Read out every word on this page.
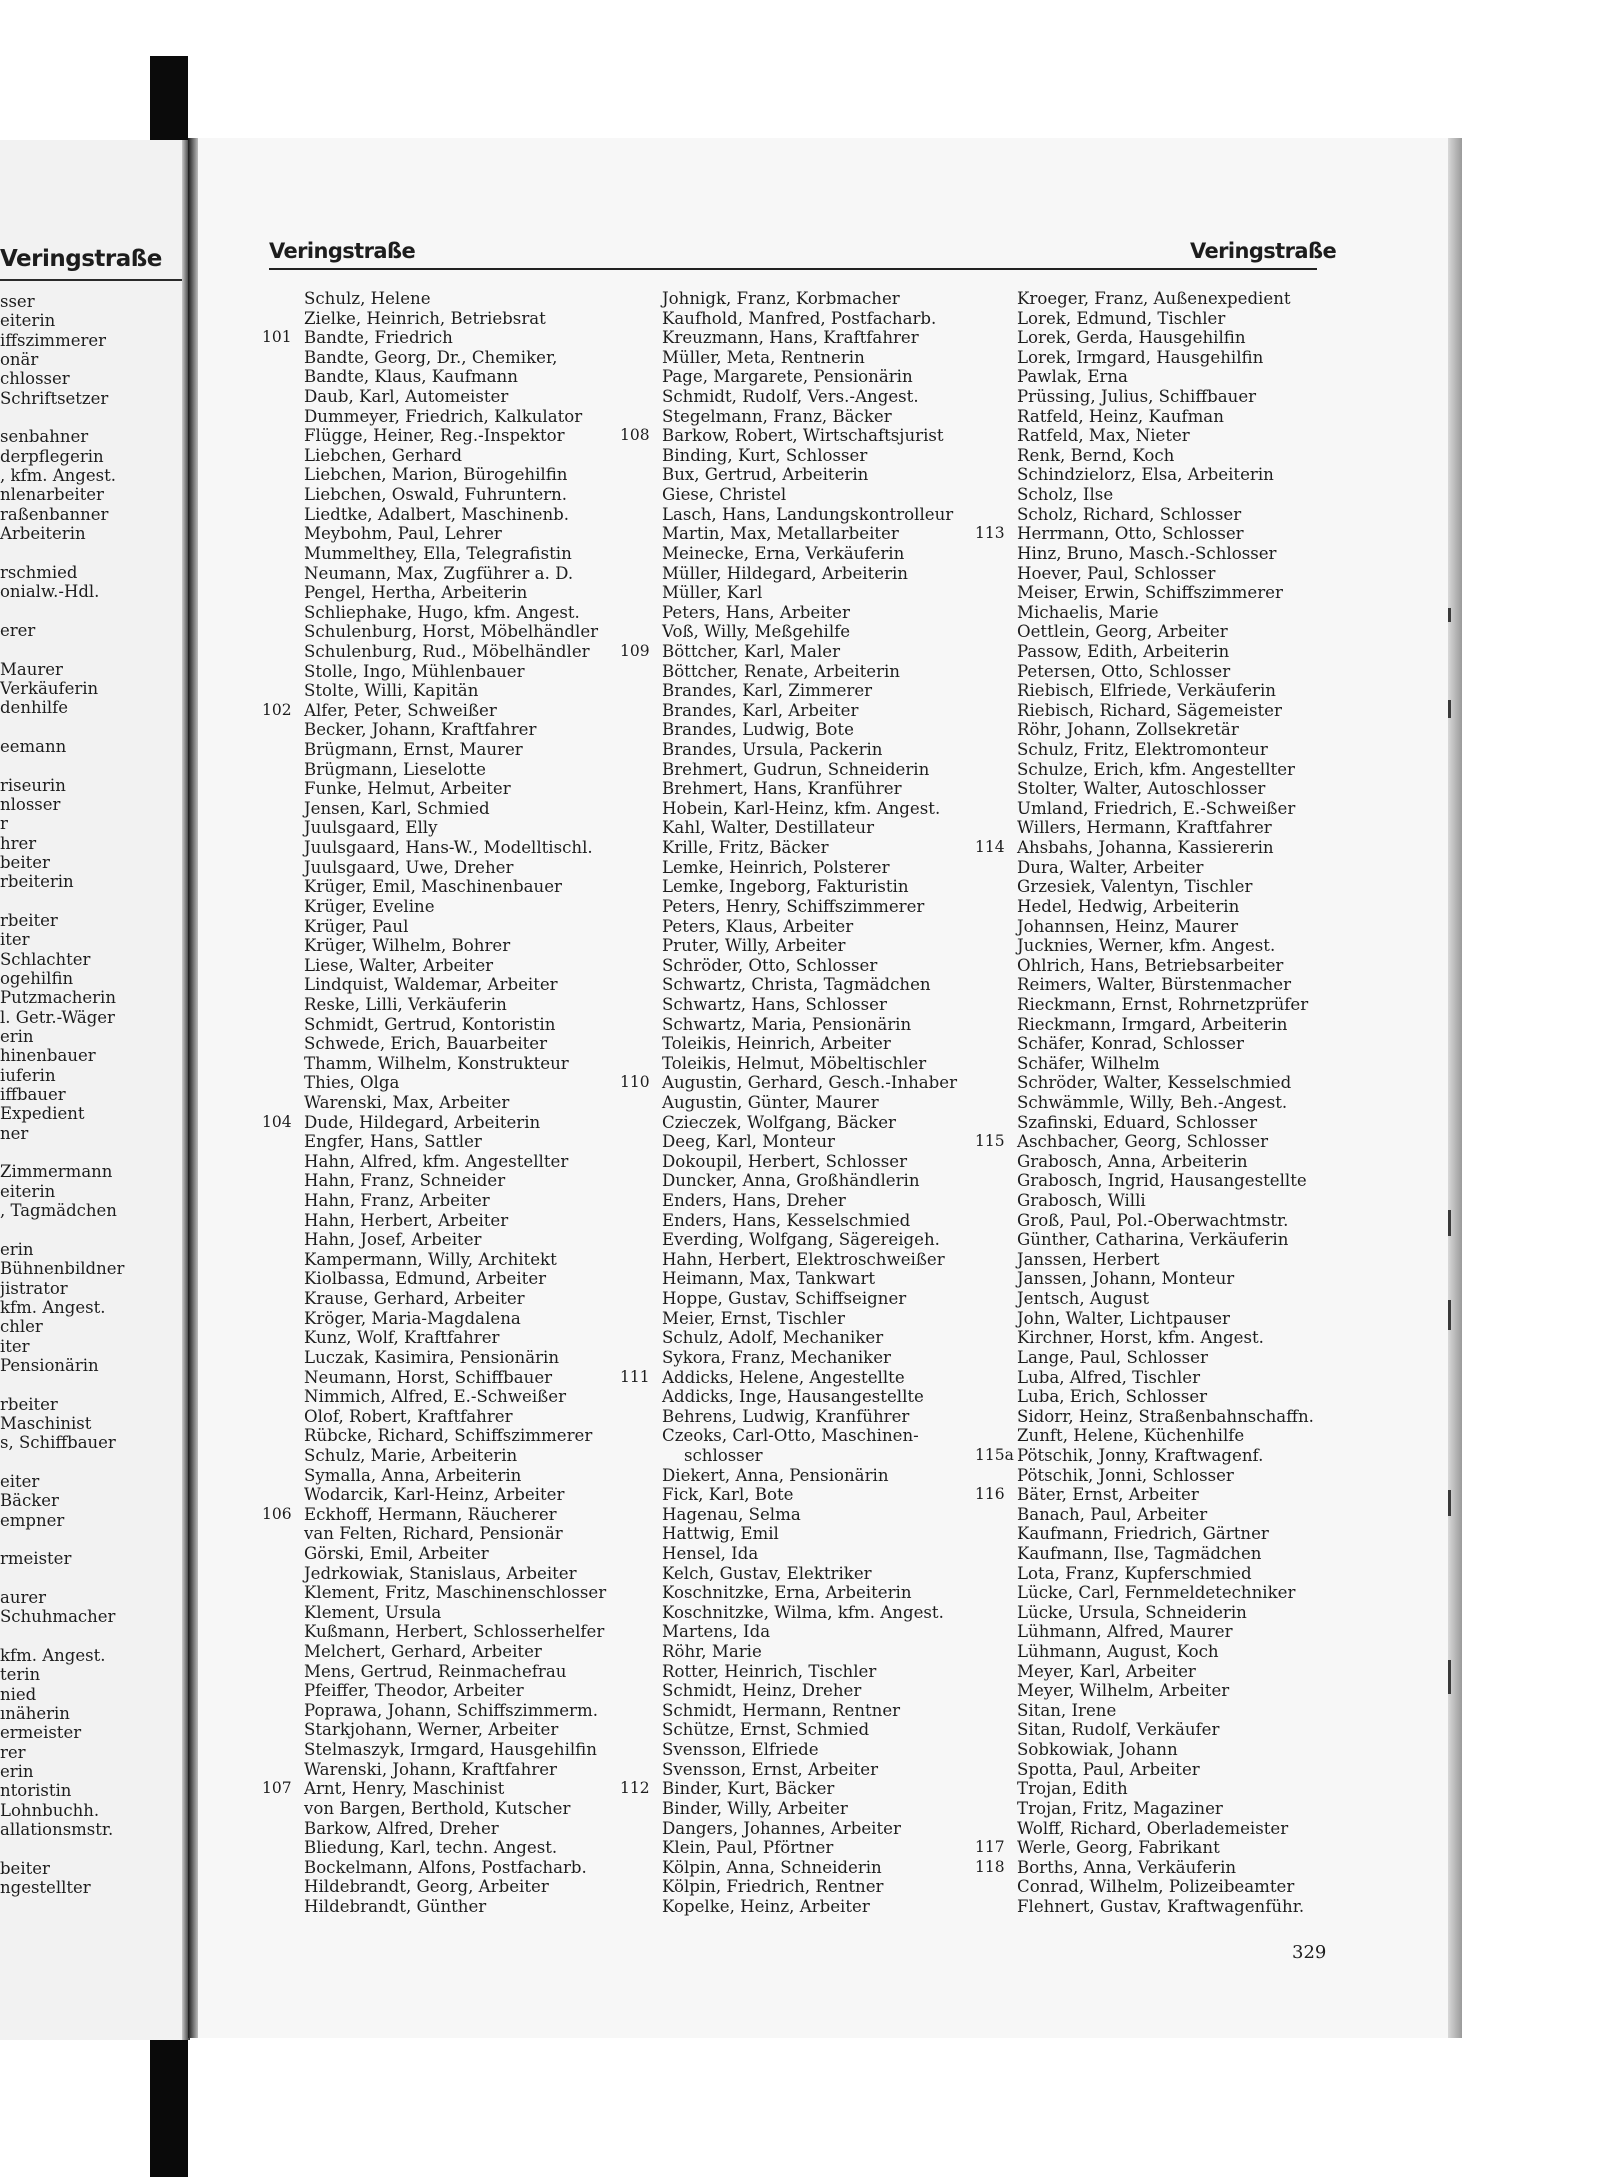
Veringstraße
sser
eiterin
iffszimmerer
onär
chlosser
Schriftsetzer
senbahner
derpflegerin
, kfm. Angest.
nlenarbeiter
raßenbanner
Arbeiterin
rschmied
onialw.-Hdl.
erer
Maurer
Verkäuferin
denhilfe
eemann
riseurin
nlosser
r
hrer
beiter
rbeiterin
rbeiter
iter
Schlachter
ogehilfin
Putzmacherin
l. Getr.-Wäger
erin
hinenbauer
iuferin
iffbauer
Expedient
ner
Zimmermann
eiterin
, Tagmädchen
erin
Bühnenbildner
jistrator
kfm. Angest.
chler
iter
Pensionärin
rbeiter
Maschinist
s, Schiffbauer
eiter
Bäcker
empner
rmeister
aurer
Schuhmacher
kfm. Angest.
terin
nied
ınäherin
ermeister
rer
erin
ntoristin
Lohnbuchh.
allationsmstr.
beiter
ngestellter
Veringstraße	Veringstraße
Schulz, Helene
Zielke, Heinrich, Betriebsrat
101 Bandte, Friedrich
Bandte, Georg, Dr., Chemiker,
Bandte, Klaus, Kaufmann
Daub, Karl, Automeister
Dummeyer, Friedrich, Kalkulator
Flügge, Heiner, Reg.-Inspektor
Liebchen, Gerhard
Liebchen, Marion, Bürogehilfin
Liebchen, Oswald, Fuhruntern.
Liedtke, Adalbert, Maschinenb.
Meybohm, Paul, Lehrer
Mummelthey, Ella, Telegrafistin
Neumann, Max, Zugführer a. D.
Pengel, Hertha, Arbeiterin
Schliephake, Hugo, kfm. Angest.
Schulenburg, Horst, Möbelhändler
Schulenburg, Rud., Möbelhändler
Stolle, Ingo, Mühlenbauer
Stolte, Willi, Kapitän
102 Alfer, Peter, Schweißer
Becker, Johann, Kraftfahrer
Brügmann, Ernst, Maurer
Brügmann, Lieselotte
Funke, Helmut, Arbeiter
Jensen, Karl, Schmied
Juulsgaard, Elly
Juulsgaard, Hans-W., Modelltischl.
Juulsgaard, Uwe, Dreher
Krüger, Emil, Maschinenbauer
Krüger, Eveline
Krüger, Paul
Krüger, Wilhelm, Bohrer
Liese, Walter, Arbeiter
Lindquist, Waldemar, Arbeiter
Reske, Lilli, Verkäuferin
Schmidt, Gertrud, Kontoristin
Schwede, Erich, Bauarbeiter
Thamm, Wilhelm, Konstrukteur
Thies, Olga
Warenski, Max, Arbeiter
104 Dude, Hildegard, Arbeiterin
Engfer, Hans, Sattler
Hahn, Alfred, kfm. Angestellter
Hahn, Franz, Schneider
Hahn, Franz, Arbeiter
Hahn, Herbert, Arbeiter
Hahn, Josef, Arbeiter
Kampermann, Willy, Architekt
Kiolbassa, Edmund, Arbeiter
Krause, Gerhard, Arbeiter
Kröger, Maria-Magdalena
Kunz, Wolf, Kraftfahrer
Luczak, Kasimira, Pensionärin
Neumann, Horst, Schiffbauer
Nimmich, Alfred, E.-Schweißer
Olof, Robert, Kraftfahrer
Rübcke, Richard, Schiffszimmerer
Schulz, Marie, Arbeiterin
Symalla, Anna, Arbeiterin
Wodarcik, Karl-Heinz, Arbeiter
106 Eckhoff, Hermann, Räucherer
van Felten, Richard, Pensionär
Görski, Emil, Arbeiter
Jedrkowiak, Stanislaus, Arbeiter
Klement, Fritz, Maschinenschlosser
Klement, Ursula
Kußmann, Herbert, Schlosserhelfer
Melchert, Gerhard, Arbeiter
Mens, Gertrud, Reinmachefrau
Pfeiffer, Theodor, Arbeiter
Poprawa, Johann, Schiffszimmerm.
Starkjohann, Werner, Arbeiter
Stelmaszyk, Irmgard, Hausgehilfin
Warenski, Johann, Kraftfahrer
107 Arnt, Henry, Maschinist
von Bargen, Berthold, Kutscher
Barkow, Alfred, Dreher
Bliedung, Karl, techn. Angest.
Bockelmann, Alfons, Postfacharb.
Hildebrandt, Georg, Arbeiter
Hildebrandt, Günther
Johnigk, Franz, Korbmacher
Kaufhold, Manfred, Postfacharb.
Kreuzmann, Hans, Kraftfahrer
Müller, Meta, Rentnerin
Page, Margarete, Pensionärin
Schmidt, Rudolf, Vers.-Angest.
Stegelmann, Franz, Bäcker
108 Barkow, Robert, Wirtschaftsjurist
Binding, Kurt, Schlosser
Bux, Gertrud, Arbeiterin
Giese, Christel
Lasch, Hans, Landungskontrolleur
Martin, Max, Metallarbeiter
Meinecke, Erna, Verkäuferin
Müller, Hildegard, Arbeiterin
Müller, Karl
Peters, Hans, Arbeiter
Voß, Willy, Meßgehilfe
109 Böttcher, Karl, Maler
Böttcher, Renate, Arbeiterin
Brandes, Karl, Zimmerer
Brandes, Karl, Arbeiter
Brandes, Ludwig, Bote
Brandes, Ursula, Packerin
Brehmert, Gudrun, Schneiderin
Brehmert, Hans, Kranführer
Hobein, Karl-Heinz, kfm. Angest.
Kahl, Walter, Destillateur
Krille, Fritz, Bäcker
Lemke, Heinrich, Polsterer
Lemke, Ingeborg, Fakturistin
Peters, Henry, Schiffszimmerer
Peters, Klaus, Arbeiter
Pruter, Willy, Arbeiter
Schröder, Otto, Schlosser
Schwartz, Christa, Tagmädchen
Schwartz, Hans, Schlosser
Schwartz, Maria, Pensionärin
Toleikis, Heinrich, Arbeiter
Toleikis, Helmut, Möbeltischler
110 Augustin, Gerhard, Gesch.-Inhaber
Augustin, Günter, Maurer
Czieczek, Wolfgang, Bäcker
Deeg, Karl, Monteur
Dokoupil, Herbert, Schlosser
Duncker, Anna, Großhändlerin
Enders, Hans, Dreher
Enders, Hans, Kesselschmied
Everding, Wolfgang, Sägereigeh.
Hahn, Herbert, Elektroschweißer
Heimann, Max, Tankwart
Hoppe, Gustav, Schiffseigner
Meier, Ernst, Tischler
Schulz, Adolf, Mechaniker
Sykora, Franz, Mechaniker
111 Addicks, Helene, Angestellte
Addicks, Inge, Hausangestellte
Behrens, Ludwig, Kranführer
Czeoks, Carl-Otto, Maschinen-
schlosser
Diekert, Anna, Pensionärin
Fick, Karl, Bote
Hagenau, Selma
Hattwig, Emil
Hensel, Ida
Kelch, Gustav, Elektriker
Koschnitzke, Erna, Arbeiterin
Koschnitzke, Wilma, kfm. Angest.
Martens, Ida
Röhr, Marie
Rotter, Heinrich, Tischler
Schmidt, Heinz, Dreher
Schmidt, Hermann, Rentner
Schütze, Ernst, Schmied
Svensson, Elfriede
Svensson, Ernst, Arbeiter
112 Binder, Kurt, Bäcker
Binder, Willy, Arbeiter
Dangers, Johannes, Arbeiter
Klein, Paul, Pförtner
Kölpin, Anna, Schneiderin
Kölpin, Friedrich, Rentner
Kopelke, Heinz, Arbeiter
Kroeger, Franz, Außenexpedient
Lorek, Edmund, Tischler
Lorek, Gerda, Hausgehilfin
Lorek, Irmgard, Hausgehilfin
Pawlak, Erna
Prüssing, Julius, Schiffbauer
Ratfeld, Heinz, Kaufman
Ratfeld, Max, Nieter
Renk, Bernd, Koch
Schindzielorz, Elsa, Arbeiterin
Scholz, Ilse
Scholz, Richard, Schlosser
113 Herrmann, Otto, Schlosser
Hinz, Bruno, Masch.-Schlosser
Hoever, Paul, Schlosser
Meiser, Erwin, Schiffszimmerer
Michaelis, Marie
Oettlein, Georg, Arbeiter
Passow, Edith, Arbeiterin
Petersen, Otto, Schlosser
Riebisch, Elfriede, Verkäuferin
Riebisch, Richard, Sägemeister
Röhr, Johann, Zollsekretär
Schulz, Fritz, Elektromonteur
Schulze, Erich, kfm. Angestellter
Stolter, Walter, Autoschlosser
Umland, Friedrich, E.-Schweißer
Willers, Hermann, Kraftfahrer
114 Ahsbahs, Johanna, Kassiererin
Dura, Walter, Arbeiter
Grzesiek, Valentyn, Tischler
Hedel, Hedwig, Arbeiterin
Johannsen, Heinz, Maurer
Jucknies, Werner, kfm. Angest.
Ohlrich, Hans, Betriebsarbeiter
Reimers, Walter, Bürstenmacher
Rieckmann, Ernst, Rohrnetzprüfer
Rieckmann, Irmgard, Arbeiterin
Schäfer, Konrad, Schlosser
Schäfer, Wilhelm
Schröder, Walter, Kesselschmied
Schwämmle, Willy, Beh.-Angest.
Szafinski, Eduard, Schlosser
115 Aschbacher, Georg, Schlosser
Grabosch, Anna, Arbeiterin
Grabosch, Ingrid, Hausangestellte
Grabosch, Willi
Groß, Paul, Pol.-Oberwachtmstr.
Günther, Catharina, Verkäuferin
Janssen, Herbert
Janssen, Johann, Monteur
Jentsch, August
John, Walter, Lichtpauser
Kirchner, Horst, kfm. Angest.
Lange, Paul, Schlosser
Luba, Alfred, Tischler
Luba, Erich, Schlosser
Sidorr, Heinz, Straßenbahnschaffn.
Zunft, Helene, Küchenhilfe
115a Pötschik, Jonny, Kraftwagenf.
Pötschik, Jonni, Schlosser
116 Bäter, Ernst, Arbeiter
Banach, Paul, Arbeiter
Kaufmann, Friedrich, Gärtner
Kaufmann, Ilse, Tagmädchen
Lota, Franz, Kupferschmied
Lücke, Carl, Fernmeldetechniker
Lücke, Ursula, Schneiderin
Lühmann, Alfred, Maurer
Lühmann, August, Koch
Meyer, Karl, Arbeiter
Meyer, Wilhelm, Arbeiter
Sitan, Irene
Sitan, Rudolf, Verkäufer
Sobkowiak, Johann
Spotta, Paul, Arbeiter
Trojan, Edith
Trojan, Fritz, Magaziner
Wolff, Richard, Oberlademeister
117 Werle, Georg, Fabrikant
118 Borths, Anna, Verkäuferin
Conrad, Wilhelm, Polizeibeamter
Flehnert, Gustav, Kraftwagenführ.
329
